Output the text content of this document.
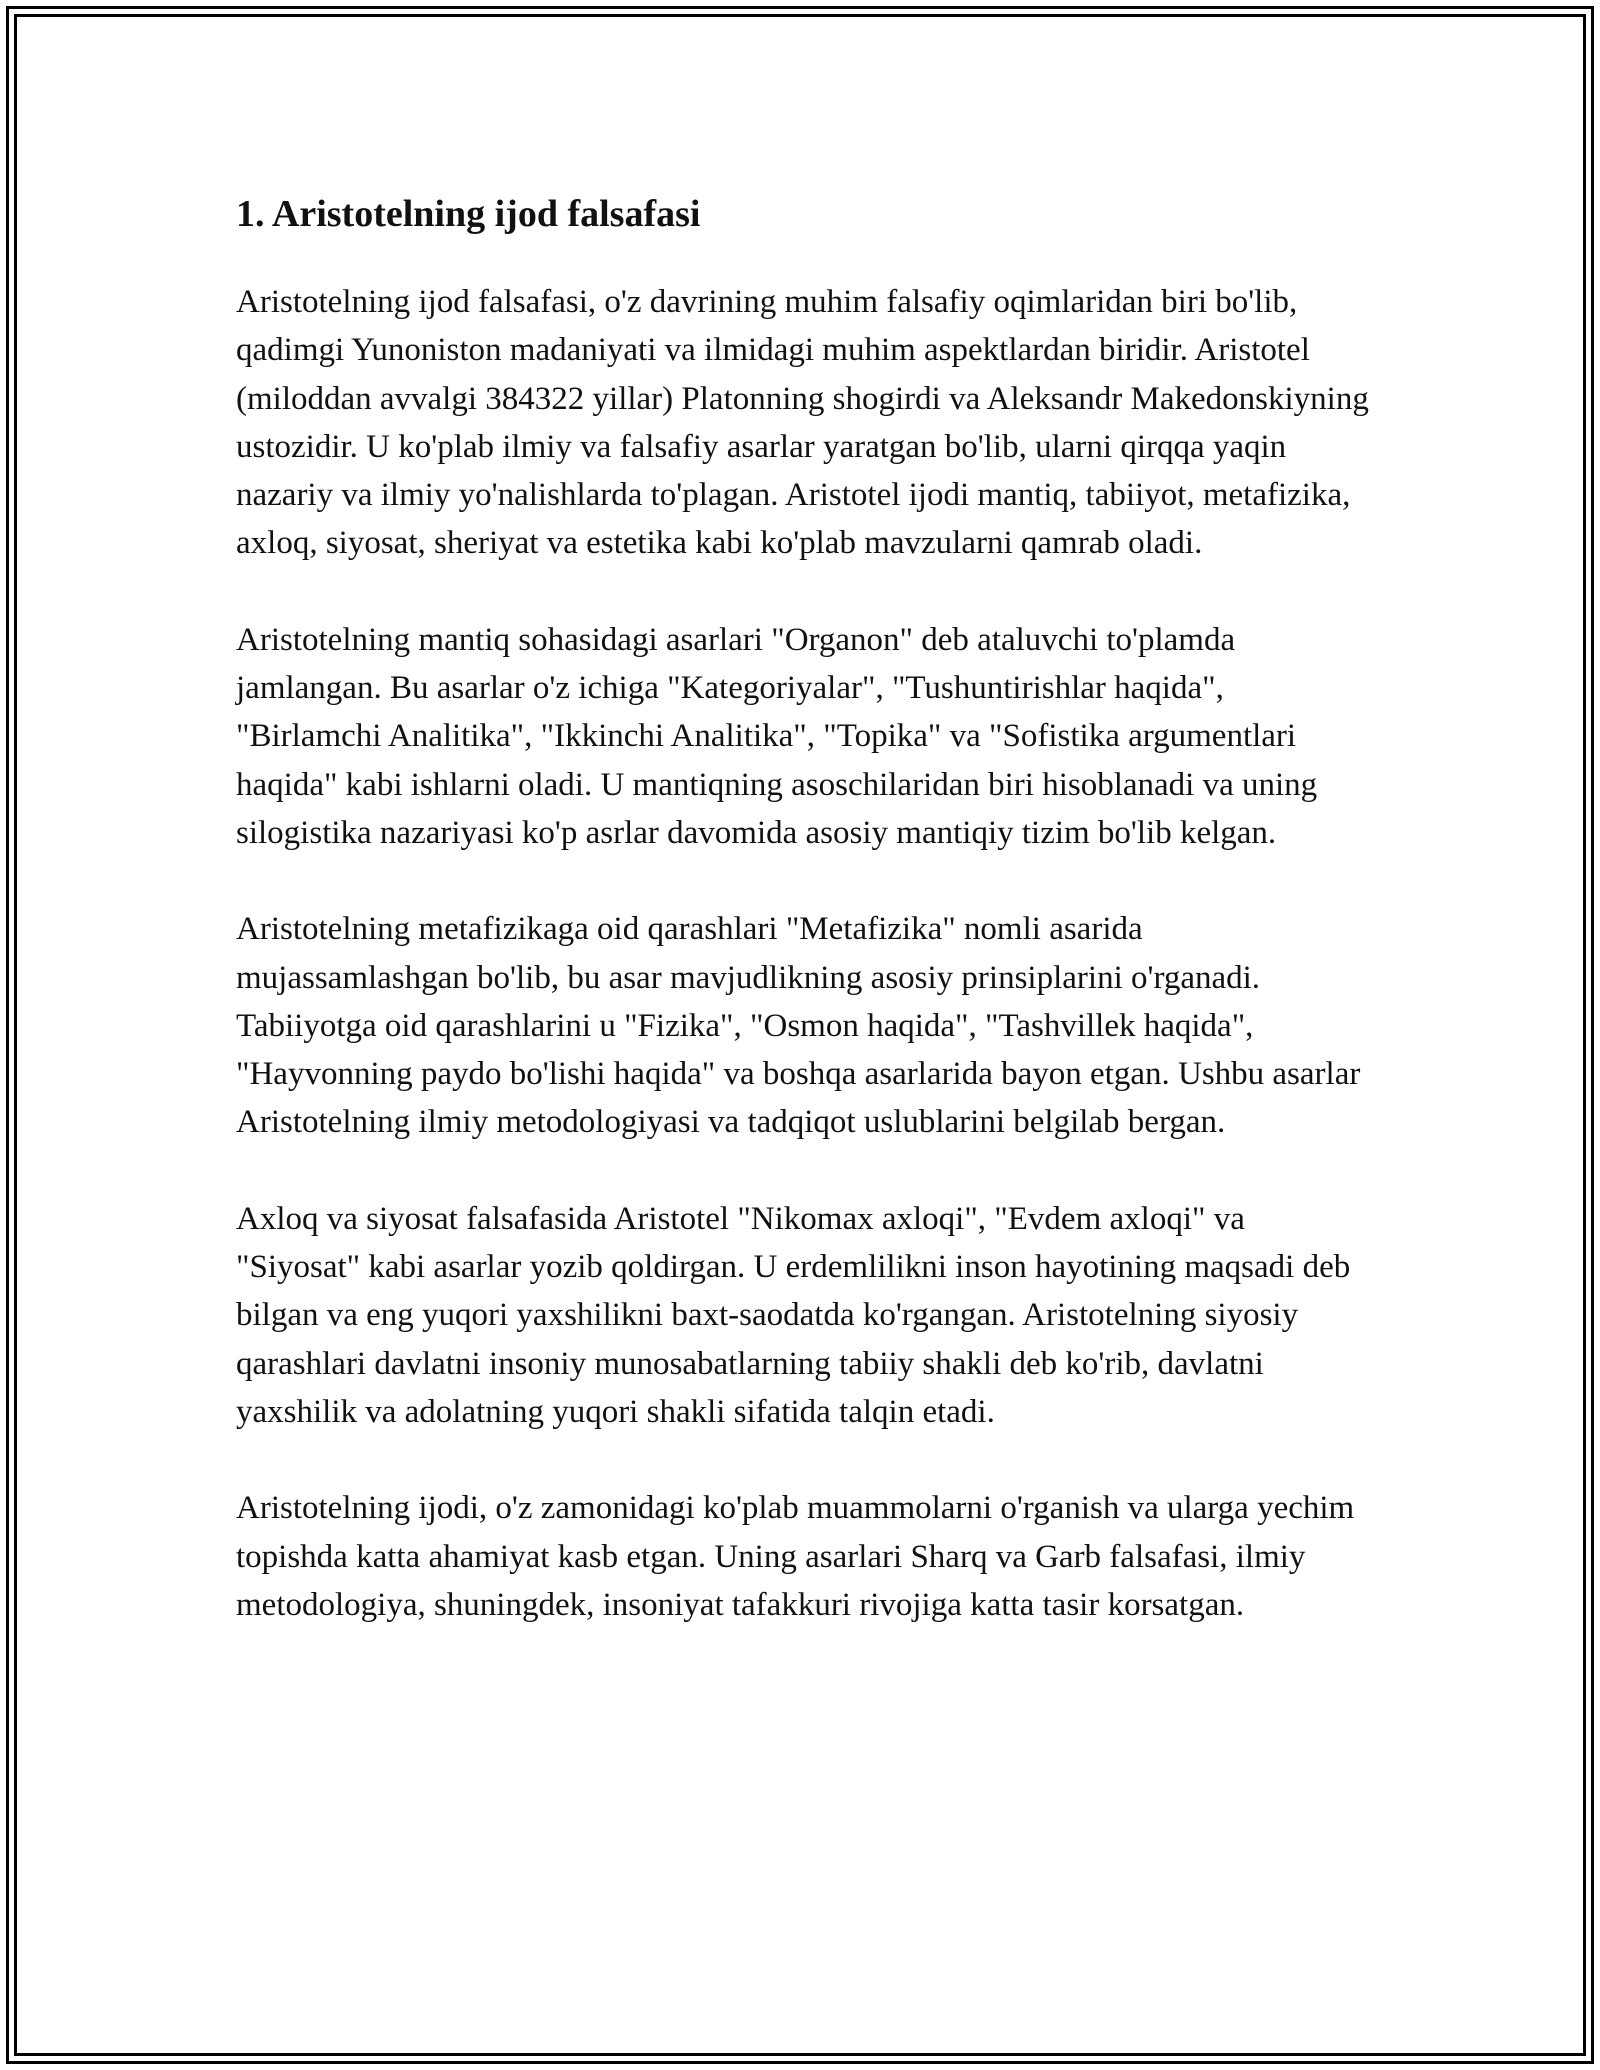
1. Aristotelning ijod falsafasi

Aristotelning ijod falsafasi, o'z davrining muhim falsafiy oqimlaridan biri bo'lib, qadimgi Yunoniston madaniyati va ilmidagi muhim aspektlardan biridir. Aristotel (miloddan avvalgi 384322 yillar) Platonning shogirdi va Aleksandr Makedonskiyning ustozidir. U ko'plab ilmiy va falsafiy asarlar yaratgan bo'lib, ularni qirqqa yaqin nazariy va ilmiy yo'nalishlarda to'plagan. Aristotel ijodi mantiq, tabiiyot, metafizika, axloq, siyosat, sheriyat va estetika kabi ko'plab mavzularni qamrab oladi.

Aristotelning mantiq sohasidagi asarlari "Organon" deb ataluvchi to'plamda jamlangan. Bu asarlar o'z ichiga "Kategoriyalar", "Tushuntirishlar haqida", "Birlamchi Analitika", "Ikkinchi Analitika", "Topika" va "Sofistika argumentlari haqida" kabi ishlarni oladi. U mantiqning asoschilaridan biri hisoblanadi va uning silogistika nazariyasi ko'p asrlar davomida asosiy mantiqiy tizim bo'lib kelgan.

Aristotelning metafizikaga oid qarashlari "Metafizika" nomli asarida mujassamlashgan bo'lib, bu asar mavjudlikning asosiy prinsiplarini o'rganadi. Tabiiyotga oid qarashlarini u "Fizika", "Osmon haqida", "Tashvillek haqida", "Hayvonning paydo bo'lishi haqida" va boshqa asarlarida bayon etgan. Ushbu asarlar Aristotelning ilmiy metodologiyasi va tadqiqot uslublarini belgilab bergan.

Axloq va siyosat falsafasida Aristotel "Nikomax axloqi", "Evdem axloqi" va "Siyosat" kabi asarlar yozib qoldirgan. U erdemlilikni inson hayotining maqsadi deb bilgan va eng yuqori yaxshilikni baxt-saodatda ko'rgangan. Aristotelning siyosiy qarashlari davlatni insoniy munosabatlarning tabiiy shakli deb ko'rib, davlatni yaxshilik va adolatning yuqori shakli sifatida talqin etadi.

Aristotelning ijodi, o'z zamonidagi ko'plab muammolarni o'rganish va ularga yechim topishda katta ahamiyat kasb etgan. Uning asarlari Sharq va Garb falsafasi, ilmiy metodologiya, shuningdek, insoniyat tafakkuri rivojiga katta tasir korsatgan.
